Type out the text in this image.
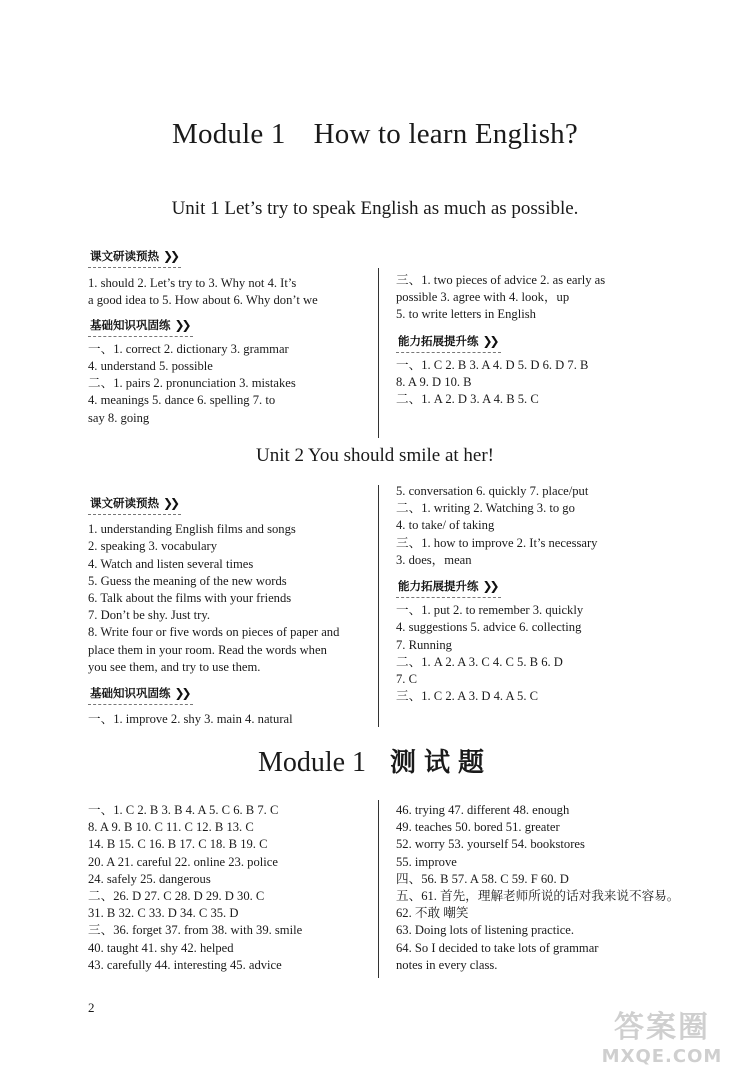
Module 1 How to learn English?
Unit 1 Let’s try to speak English as much as possible.
课文研读预热 ❯❯
1. should 2. Let’s try to 3. Why not 4. It’s
a good idea to 5. How about 6. Why don’t we
基础知识巩固练 ❯❯
一、1. correct 2. dictionary 3. grammar
4. understand 5. possible
二、1. pairs 2. pronunciation 3. mistakes
4. meanings 5. dance 6. spelling 7. to
say 8. going
三、1. two pieces of advice 2. as early as
possible 3. agree with 4. look，up
5. to write letters in English
能力拓展提升练 ❯❯
一、1. C 2. B 3. A 4. D 5. D 6. D 7. B
8. A 9. D 10. B
二、1. A 2. D 3. A 4. B 5. C
Unit 2 You should smile at her!
课文研读预热 ❯❯
1. understanding English films and songs
2. speaking 3. vocabulary
4. Watch and listen several times
5. Guess the meaning of the new words
6. Talk about the films with your friends
7. Don’t be shy. Just try.
8. Write four or five words on pieces of paper and
place them in your room. Read the words when
you see them, and try to use them.
基础知识巩固练 ❯❯
一、1. improve 2. shy 3. main 4. natural
5. conversation 6. quickly 7. place/put
二、1. writing 2. Watching 3. to go
4. to take/ of taking
三、1. how to improve 2. It’s necessary
3. does，mean
能力拓展提升练 ❯❯
一、1. put 2. to remember 3. quickly
4. suggestions 5. advice 6. collecting
7. Running
二、1. A 2. A 3. C 4. C 5. B 6. D
7. C
三、1. C 2. A 3. D 4. A 5. C
Module 1 测试题
一、1. C 2. B 3. B 4. A 5. C 6. B 7. C
8. A 9. B 10. C 11. C 12. B 13. C
14. B 15. C 16. B 17. C 18. B 19. C
20. A 21. careful 22. online 23. police
24. safely 25. dangerous
二、26. D 27. C 28. D 29. D 30. C
31. B 32. C 33. D 34. C 35. D
三、36. forget 37. from 38. with 39. smile
40. taught 41. shy 42. helped
43. carefully 44. interesting 45. advice
46. trying 47. different 48. enough
49. teaches 50. bored 51. greater
52. worry 53. yourself 54. bookstores
55. improve
四、56. B 57. A 58. C 59. F 60. D
五、61. 首先，理解老师所说的话对我来说不容易。
62. 不敢 嘲笑
63. Doing lots of listening practice.
64. So I decided to take lots of grammar
notes in every class.
2
答案圈
MXQE.COM
